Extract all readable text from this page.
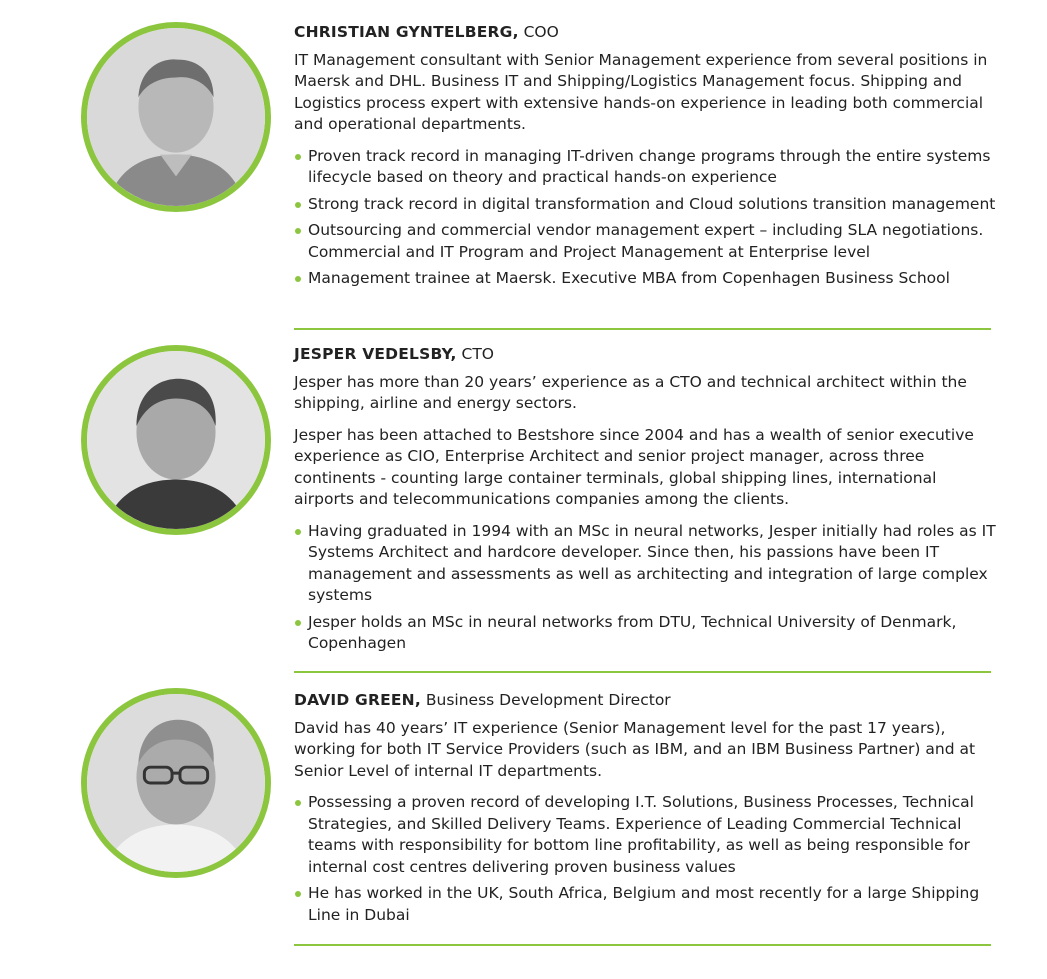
CHRISTIAN GYNTELBERG, COO

IT Management consultant with Senior Management experience from several positions in Maersk and DHL. Business IT and Shipping/Logistics Management focus. Shipping and Logistics process expert with extensive hands-on experience in leading both commercial and operational departments.

Proven track record in managing IT-driven change programs through the entire systems lifecycle based on theory and practical hands-on experience
Strong track record in digital transformation and Cloud solutions transition management
Outsourcing and commercial vendor management expert – including SLA negotiations. Commercial and IT Program and Project Management at Enterprise level
Management trainee at Maersk. Executive MBA from Copenhagen Business School

JESPER VEDELSBY, CTO

Jesper has more than 20 years’ experience as a CTO and technical architect within the shipping, airline and energy sectors.

Jesper has been attached to Bestshore since 2004 and has a wealth of senior executive experience as CIO, Enterprise Architect and senior project manager, across three continents - counting large container terminals, global shipping lines, international airports and telecommunications companies among the clients.

Having graduated in 1994 with an MSc in neural networks, Jesper initially had roles as IT Systems Architect and hardcore developer. Since then, his passions have been IT management and assessments as well as architecting and integration of large complex systems
Jesper holds an MSc in neural networks from DTU, Technical University of Denmark, Copenhagen

DAVID GREEN, Business Development Director

David has 40 years’ IT experience (Senior Management level for the past 17 years), working for both IT Service Providers (such as IBM, and an IBM Business Partner) and at Senior Level of internal IT departments.

Possessing a proven record of developing I.T. Solutions, Business Processes, Technical Strategies, and Skilled Delivery Teams. Experience of Leading Commercial Technical teams with responsibility for bottom line profitability, as well as being responsible for internal cost centres delivering proven business values
He has worked in the UK, South Africa, Belgium and most recently for a large Shipping Line in Dubai
